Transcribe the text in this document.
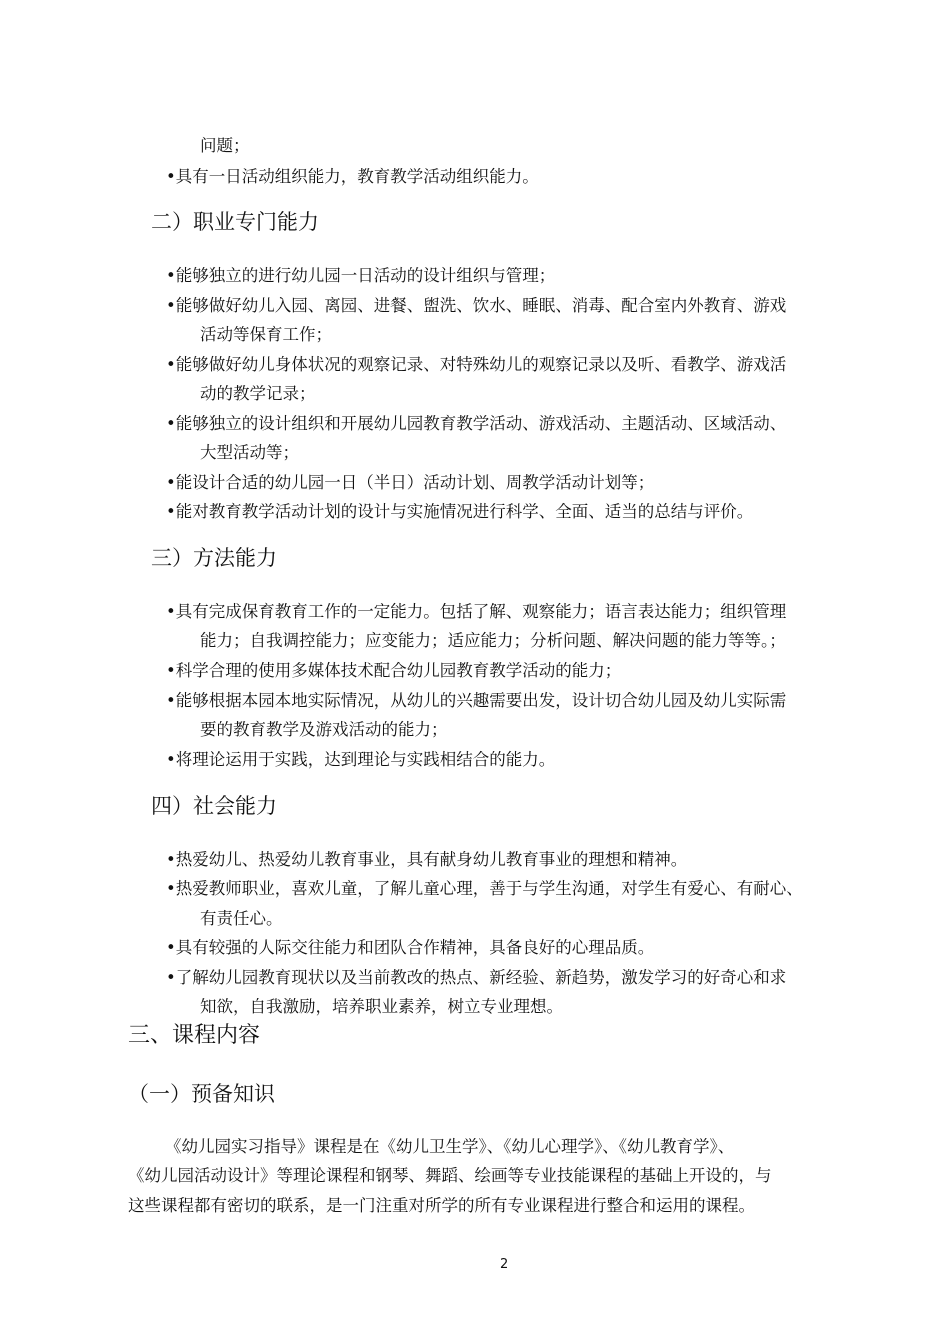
问题；
•具有一日活动组织能力，教育教学活动组织能力。
二）职业专门能力
•能够独立的进行幼儿园一日活动的设计组织与管理；
•能够做好幼儿入园、离园、进餐、盥洗、饮水、睡眠、消毒、配合室内外教育、游戏
活动等保育工作；
•能够做好幼儿身体状况的观察记录、对特殊幼儿的观察记录以及听、看教学、游戏活
动的教学记录；
•能够独立的设计组织和开展幼儿园教育教学活动、游戏活动、主题活动、区域活动、
大型活动等；
•能设计合适的幼儿园一日（半日）活动计划、周教学活动计划等；
•能对教育教学活动计划的设计与实施情况进行科学、全面、适当的总结与评价。
三）方法能力
•具有完成保育教育工作的一定能力。包括了解、观察能力；语言表达能力；组织管理
能力；自我调控能力；应变能力；适应能力；分析问题、解决问题的能力等等。；
•科学合理的使用多媒体技术配合幼儿园教育教学活动的能力；
•能够根据本园本地实际情况，从幼儿的兴趣需要出发，设计切合幼儿园及幼儿实际需
要的教育教学及游戏活动的能力；
•将理论运用于实践，达到理论与实践相结合的能力。
四）社会能力
•热爱幼儿、热爱幼儿教育事业，具有献身幼儿教育事业的理想和精神。
•热爱教师职业，喜欢儿童，了解儿童心理，善于与学生沟通，对学生有爱心、有耐心、
有责任心。
•具有较强的人际交往能力和团队合作精神，具备良好的心理品质。
•了解幼儿园教育现状以及当前教改的热点、新经验、新趋势，激发学习的好奇心和求
知欲，自我激励，培养职业素养，树立专业理想。
三、课程内容
（一）预备知识
《幼儿园实习指导》课程是在《幼儿卫生学》、《幼儿心理学》、《幼儿教育学》、
《幼儿园活动设计》等理论课程和钢琴、舞蹈、绘画等专业技能课程的基础上开设的，与
这些课程都有密切的联系，是一门注重对所学的所有专业课程进行整合和运用的课程。
2
